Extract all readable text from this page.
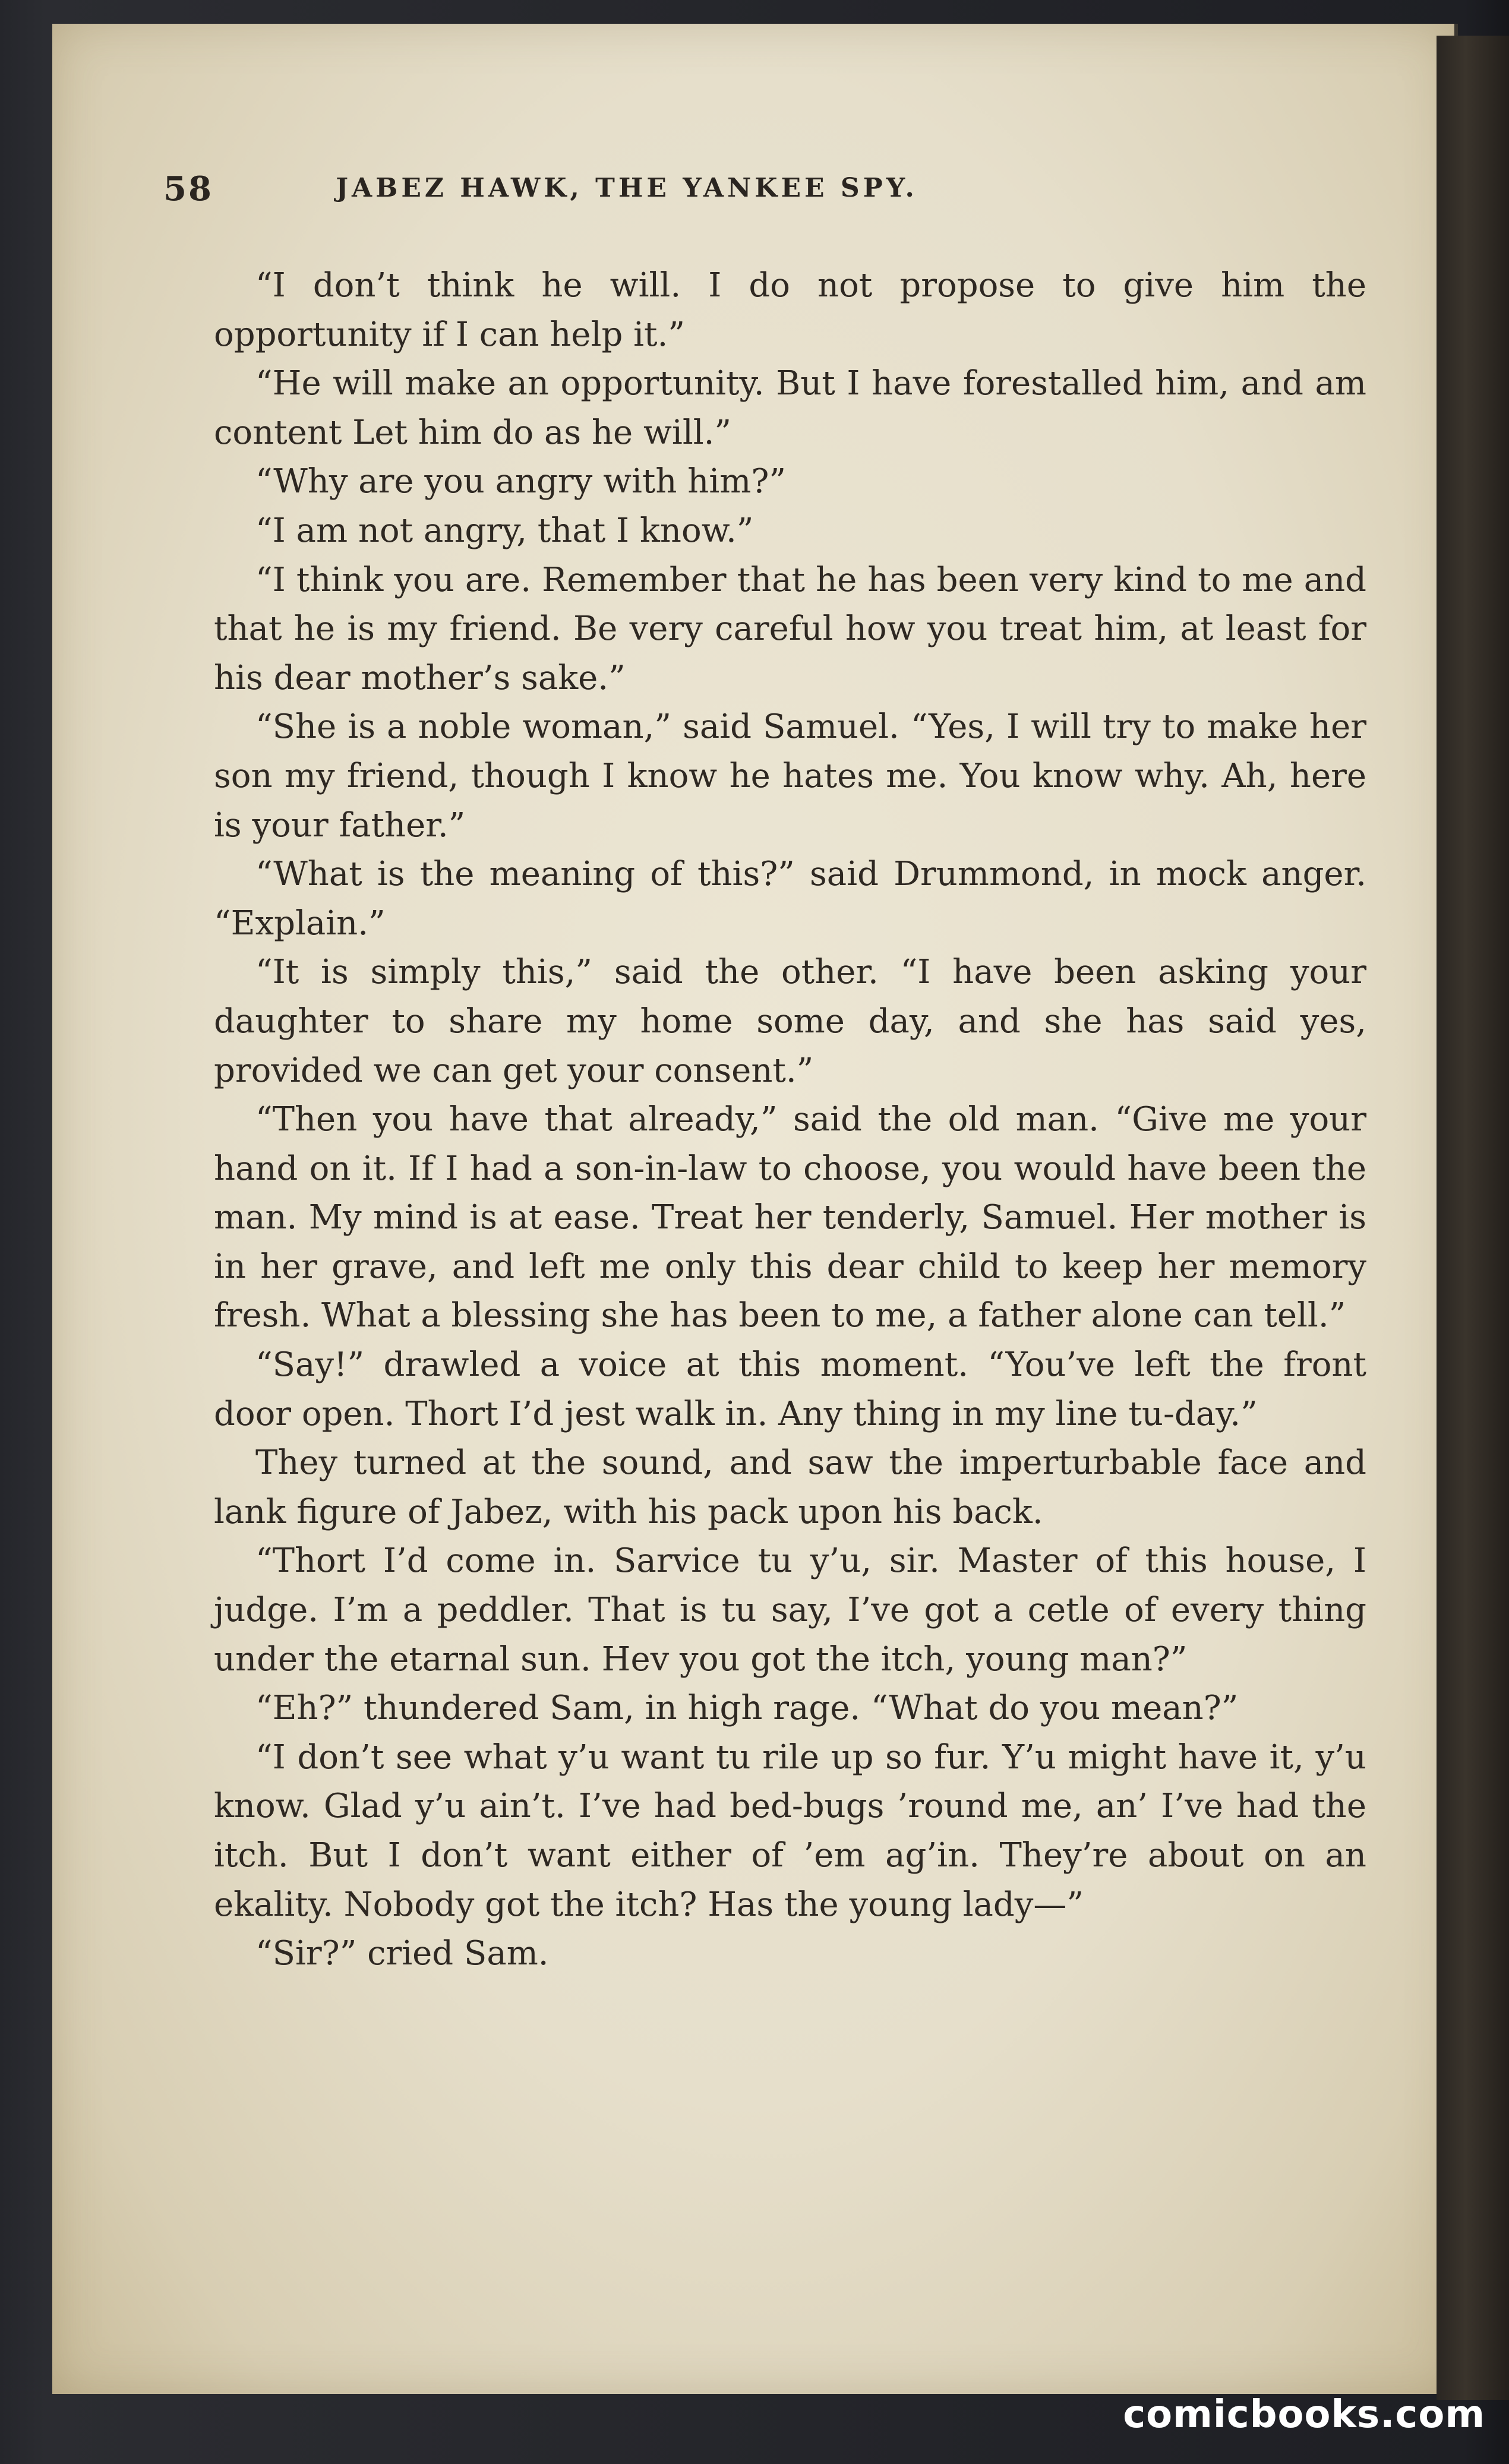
58	JABEZ HAWK, THE YANKEE SPY.

“I don’t think he will. I do not propose to give him the opportunity if I can help it.”

“He will make an opportunity. But I have forestalled him, and am content Let him do as he will.”

“Why are you angry with him?”

“I am not angry, that I know.”

“I think you are. Remember that he has been very kind to me and that he is my friend. Be very careful how you treat him, at least for his dear mother’s sake.”

“She is a noble woman,” said Samuel. “Yes, I will try to make her son my friend, though I know he hates me. You know why. Ah, here is your father.”

“What is the meaning of this?” said Drummond, in mock anger. “Explain.”

“It is simply this,” said the other. “I have been asking your daughter to share my home some day, and she has said yes, provided we can get your consent.”

“Then you have that already,” said the old man. “Give me your hand on it. If I had a son-in-law to choose, you would have been the man. My mind is at ease. Treat her tenderly, Samuel. Her mother is in her grave, and left me only this dear child to keep her memory fresh. What a blessing she has been to me, a father alone can tell.”

“Say!” drawled a voice at this moment. “You’ve left the front door open. Thort I’d jest walk in. Any thing in my line tu-day.”

They turned at the sound, and saw the imperturbable face and lank figure of Jabez, with his pack upon his back.

“Thort I’d come in. Sarvice tu y’u, sir. Master of this house, I judge. I’m a peddler. That is tu say, I’ve got a cetle of every thing under the etarnal sun. Hev you got the itch, young man?”

“Eh?” thundered Sam, in high rage. “What do you mean?”

“I don’t see what y’u want tu rile up so fur. Y’u might have it, y’u know. Glad y’u ain’t. I’ve had bed-bugs ’round me, an’ I’ve had the itch. But I don’t want either of ’em ag’in. They’re about on an ekality. Nobody got the itch? Has the young lady—”

“Sir?” cried Sam.

comicbooks.com
